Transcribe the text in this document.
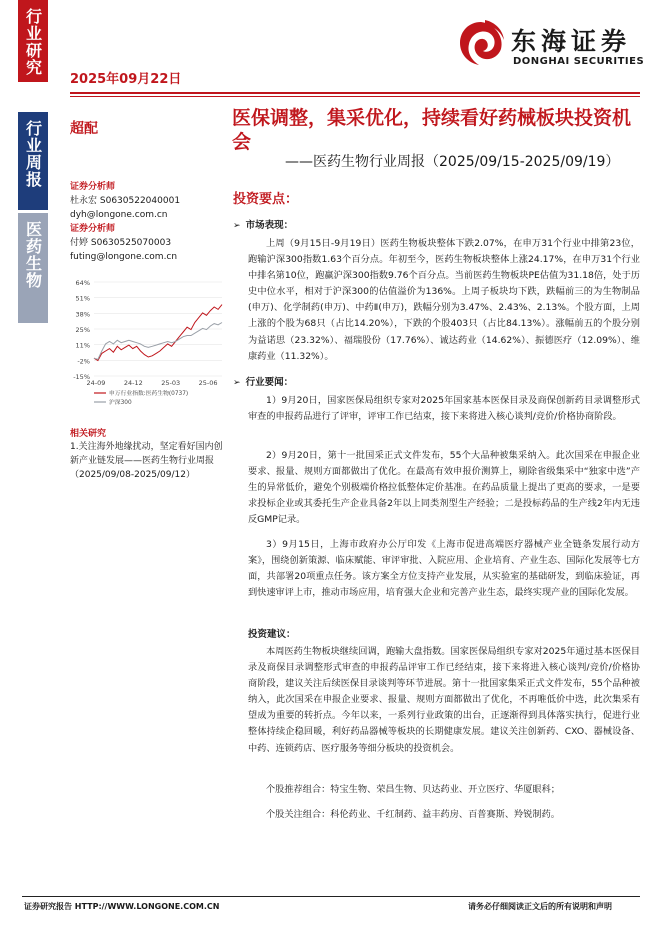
行业研究
行业周报
医药生物
2025年09月22日
东海证券
DONGHAI SECURITIES
超配	医保调整，集采优化，持续看好药械板块投资机会
——医药生物行业周报（2025/09/15-2025/09/19）
证券分析师
杜永宏 S0630522040001
dyh@longone.com.cn
证券分析师
付婷 S0630525070003
futing@longone.com.cn
64%
51%
38%
25%
11%
-2%
-15%
24-09	24-12	25-03	25-06
申万行业指数:医药生物(0737)
沪深300
相关研究
1.关注海外地缘扰动，坚定看好国内创新产业链发展——医药生物行业周报（2025/09/08-2025/09/12）
投资要点：
➢ 市场表现：
上周（9月15日-9月19日）医药生物板块整体下跌2.07%，在申万31个行业中排第23位，跑输沪深300指数1.63个百分点。年初至今，医药生物板块整体上涨24.17%，在申万31个行业中排名第10位，跑赢沪深300指数9.76个百分点。当前医药生物板块PE估值为31.18倍，处于历史中位水平，相对于沪深300的估值溢价为136%。上周子板块均下跌，跌幅前三的为生物制品(申万)、化学制药(申万)、中药Ⅱ(申万)，跌幅分别为3.47%、2.43%、2.13%。个股方面，上周上涨的个股为68只（占比14.20%），下跌的个股403只（占比84.13%）。涨幅前五的个股分别为益诺思（23.32%）、福瑞股份（17.76%）、诚达药业（14.62%）、振德医疗（12.09%）、维康药业（11.32%）。
➢ 行业要闻：
1）9月20日，国家医保局组织专家对2025年国家基本医保目录及商保创新药目录调整形式审查的申报药品进行了评审，评审工作已结束，接下来将进入核心谈判/竞价/价格协商阶段。
2）9月20日，第十一批国采正式文件发布，55个大品种被集采纳入。此次国采在申报企业要求、报量、规则方面都做出了优化。在最高有效申报价测算上，剔除省级集采中“独家中选”产生的异常低价，避免个别极端价格拉低整体定价基准。在药品质量上提出了更高的要求，一是要求投标企业或其委托生产企业具备2年以上同类剂型生产经验；二是投标药品的生产线2年内无违反GMP记录。
3）9月15日，上海市政府办公厅印发《上海市促进高端医疗器械产业全链条发展行动方案》，围绕创新策源、临床赋能、审评审批、入院应用、企业培育、产业生态、国际化发展等七方面，共部署20项重点任务。该方案全方位支持产业发展，从实验室的基础研发，到临床验证，再到快速审评上市，推动市场应用，培育强大企业和完善产业生态，最终实现产业的国际化发展。
投资建议：
本周医药生物板块继续回调，跑输大盘指数。国家医保局组织专家对2025年通过基本医保目录及商保目录调整形式审查的申报药品评审工作已经结束，接下来将进入核心谈判/竞价/价格协商阶段，建议关注后续医保目录谈判等环节进展。第十一批国家集采正式文件发布，55个品种被纳入，此次国采在申报企业要求、报量、规则方面都做出了优化，不再唯低价中选，此次集采有望成为重要的转折点。今年以来，一系列行业政策的出台，正逐渐得到具体落实执行，促进行业整体持续企稳回暖，利好药品器械等板块的长期健康发展。建议关注创新药、CXO、器械设备、中药、连锁药店、医疗服务等细分板块的投资机会。
个股推荐组合：特宝生物、荣昌生物、贝达药业、开立医疗、华厦眼科；
个股关注组合：科伦药业、千红制药、益丰药房、百普赛斯、羚锐制药。
证券研究报告 HTTP://WWW.LONGONE.COM.CN	请务必仔细阅读正文后的所有说明和声明
